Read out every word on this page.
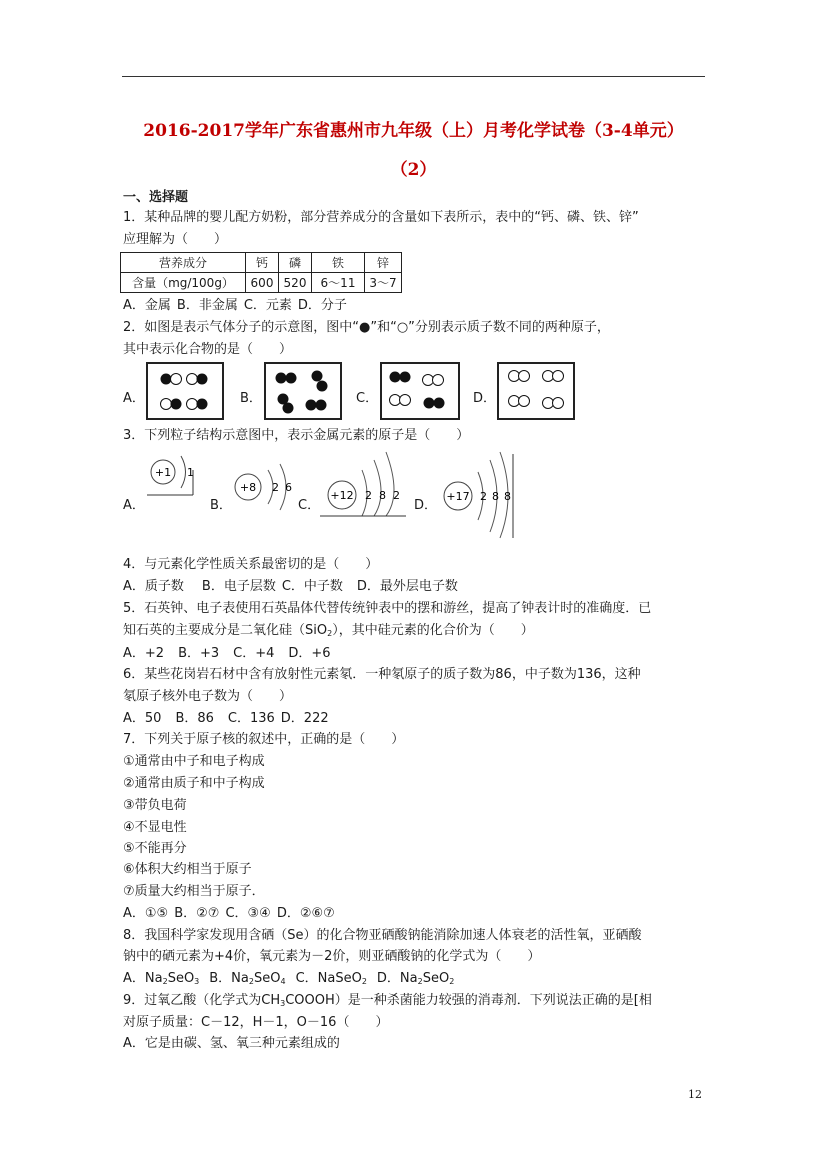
2016-2017学年广东省惠州市九年级（上）月考化学试卷（3-4单元）
（2）
一、选择题
1．某种品牌的婴儿配方奶粉，部分营养成分的含量如下表所示，表中的“钙、磷、铁、锌”
应理解为（　　）
营养成分	钙	磷	铁	锌
含量（mg/100g）	600	520	6～11	3～7
A．金属 B．非金属 C．元素 D．分子
2．如图是表示气体分子的示意图，图中“●”和“○”分别表示质子数不同的两种原子，
其中表示化合物的是（　　）
A．	B．	C．	D．
3．下列粒子结构示意图中，表示金属元素的原子是（　　）
A．
+1 1
B．
+8 2 6
C．
+12 2 8 2
D．
+17 2 8 8
4．与元素化学性质关系最密切的是（　　）
A．质子数 B．电子层数 C．中子数 D．最外层电子数
5．石英钟、电子表使用石英晶体代替传统钟表中的摆和游丝，提高了钟表计时的准确度．已
知石英的主要成分是二氧化硅（SiO$_2$），其中硅元素的化合价为（　　）
A．+2 B．+3 C．+4 D．+6
6．某些花岗岩石材中含有放射性元素氡．一种氡原子的质子数为86，中子数为136，这种
氡原子核外电子数为（　　）
A．50 B．86 C．136 D．222
7．下列关于原子核的叙述中，正确的是（　　）
①通常由中子和电子构成
②通常由质子和中子构成
③带负电荷
④不显电性
⑤不能再分
⑥体积大约相当于原子
⑦质量大约相当于原子．
A．①⑤ B．②⑦ C．③④ D．②⑥⑦
8．我国科学家发现用含硒（Se）的化合物亚硒酸钠能消除加速人体衰老的活性氧，亚硒酸
钠中的硒元素为+4价，氧元素为－2价，则亚硒酸钠的化学式为（　　）
A．$Na_2SeO_3$ B．$Na_2SeO_4$ C．NaSeO$_2$ D．$Na_2SeO_2$
9．过氧乙酸（化学式为$CH_3COOOH$）是一种杀菌能力较强的消毒剂．下列说法正确的是[相
对原子质量：C－12，H－1，O－16（　　）
A．它是由碳、氢、氧三种元素组成的
12
